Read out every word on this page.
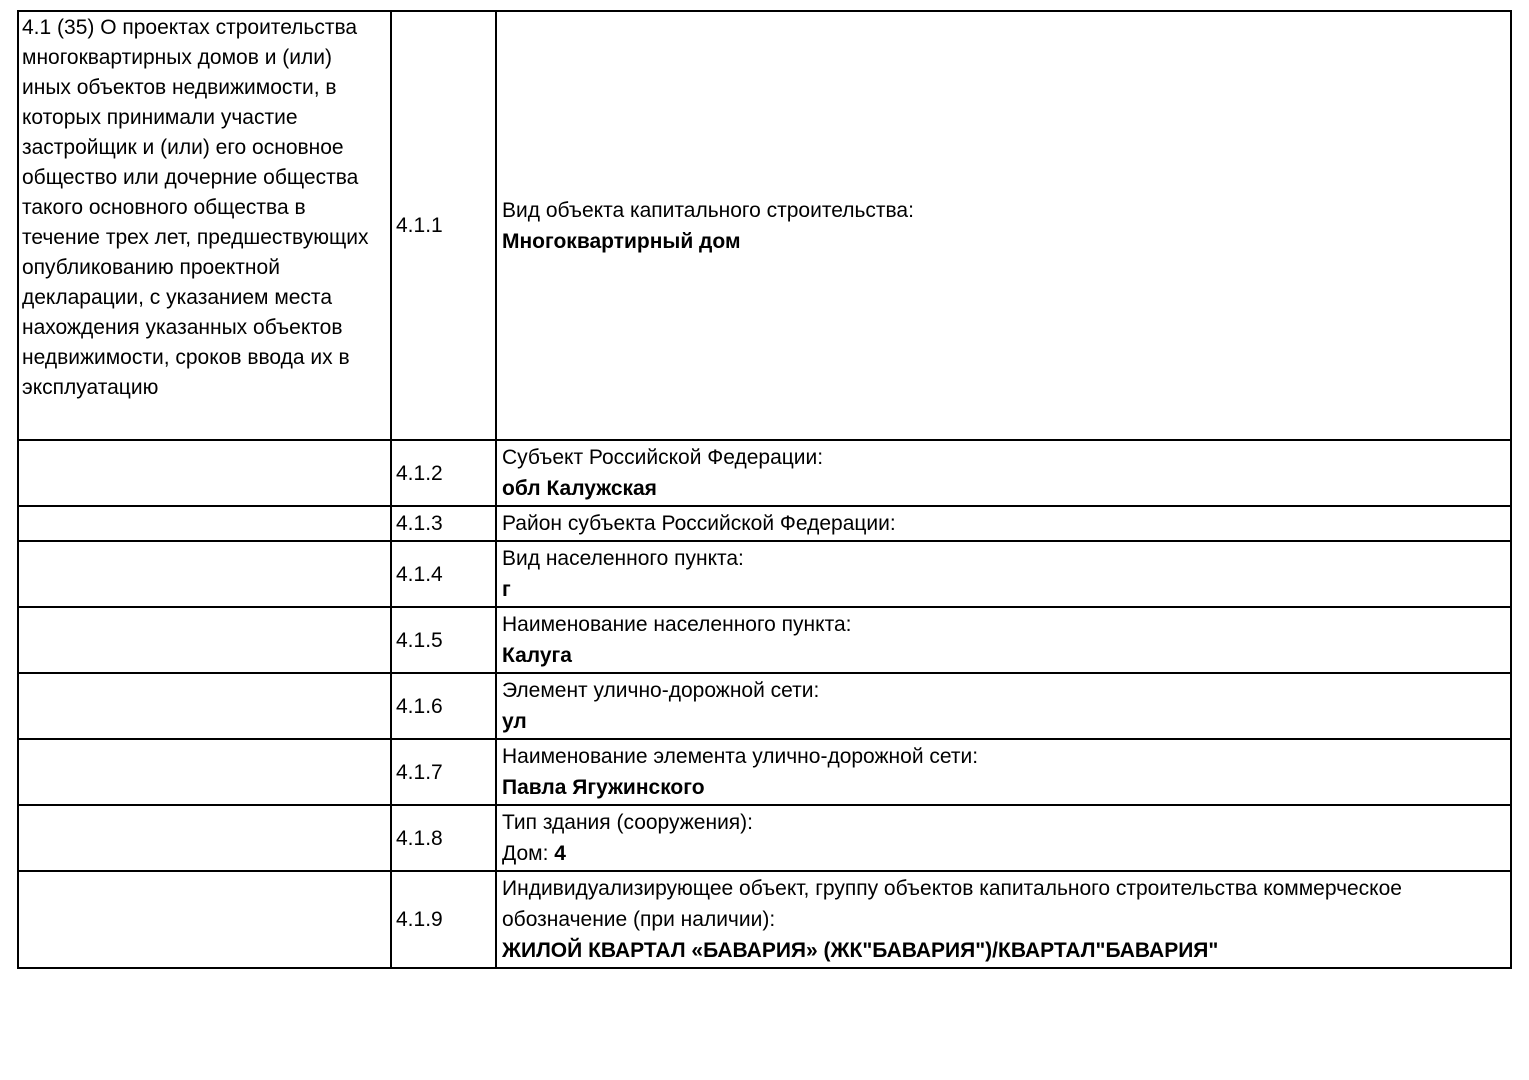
4.1 (35) О проектах строительства многоквартирных домов и (или) иных объектов недвижимости, в которых принимали участие застройщик и (или) его основное общество или дочерние общества такого основного общества в течение трех лет, предшествующих опубликованию проектной декларации, с указанием места нахождения указанных объектов недвижимости, сроков ввода их в эксплуатацию	4.1.1	Вид объекта капитального строительства:
Многоквартирный дом

	4.1.2	Субъект Российской Федерации:
обл Калужская

	4.1.3	Район субъекта Российской Федерации:

	4.1.4	Вид населенного пункта:
г

	4.1.5	Наименование населенного пункта:
Калуга

	4.1.6	Элемент улично-дорожной сети:
ул

	4.1.7	Наименование элемента улично-дорожной сети:
Павла Ягужинского

	4.1.8	Тип здания (сооружения):
Дом: 4

	4.1.9	Индивидуализирующее объект, группу объектов капитального строительства коммерческое обозначение (при наличии):
ЖИЛОЙ КВАРТАЛ «БАВАРИЯ» (ЖК"БАВАРИЯ")/КВАРТАЛ"БАВАРИЯ"
